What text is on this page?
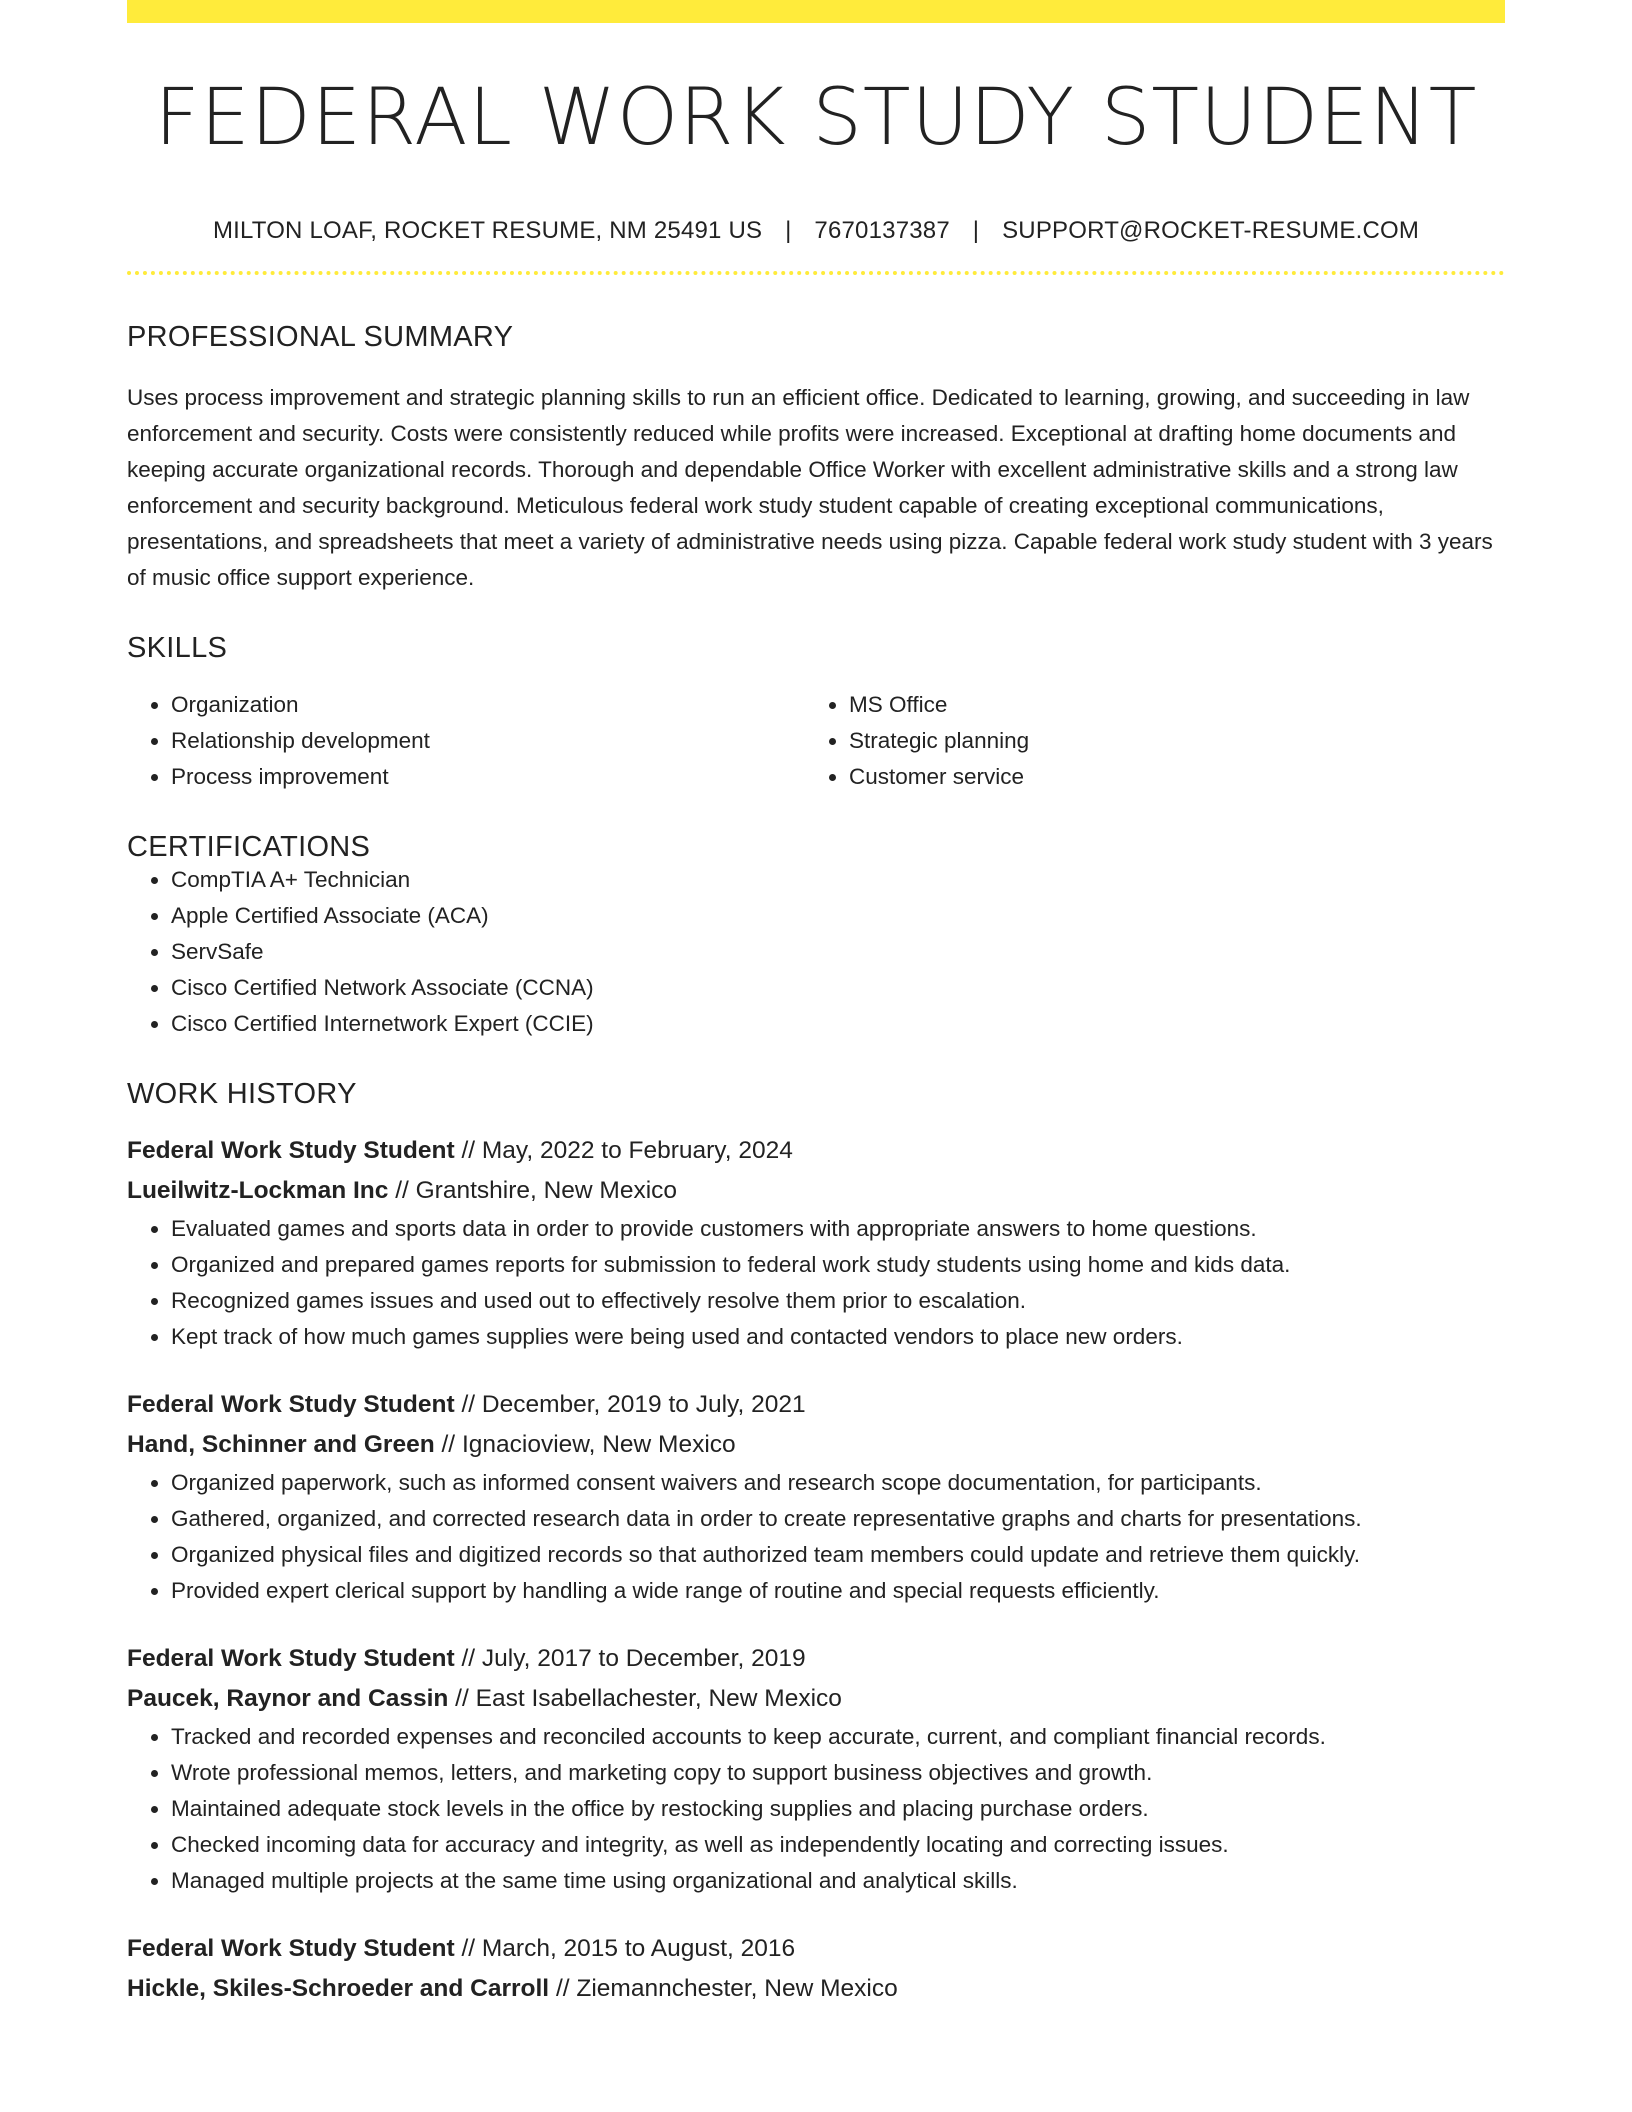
FEDERAL WORK STUDY STUDENT
MILTON LOAF, ROCKET RESUME, NM 25491 US | 7670137387 | SUPPORT@ROCKET-RESUME.COM
PROFESSIONAL SUMMARY

Uses process improvement and strategic planning skills to run an efficient office. Dedicated to learning, growing, and succeeding in law enforcement and security. Costs were consistently reduced while profits were increased. Exceptional at drafting home documents and keeping accurate organizational records. Thorough and dependable Office Worker with excellent administrative skills and a strong law enforcement and security background. Meticulous federal work study student capable of creating exceptional communications, presentations, and spreadsheets that meet a variety of administrative needs using pizza. Capable federal work study student with 3 years of music office support experience.

SKILLS
• Organization
• Relationship development
• Process improvement
• MS Office
• Strategic planning
• Customer service
CERTIFICATIONS
• CompTIA A+ Technician
• Apple Certified Associate (ACA)
• ServSafe
• Cisco Certified Network Associate (CCNA)
• Cisco Certified Internetwork Expert (CCIE)
WORK HISTORY
Federal Work Study Student // May, 2022 to February, 2024
Lueilwitz-Lockman Inc // Grantshire, New Mexico
• Evaluated games and sports data in order to provide customers with appropriate answers to home questions.
• Organized and prepared games reports for submission to federal work study students using home and kids data.
• Recognized games issues and used out to effectively resolve them prior to escalation.
• Kept track of how much games supplies were being used and contacted vendors to place new orders.
Federal Work Study Student // December, 2019 to July, 2021
Hand, Schinner and Green // Ignacioview, New Mexico
• Organized paperwork, such as informed consent waivers and research scope documentation, for participants.
• Gathered, organized, and corrected research data in order to create representative graphs and charts for presentations.
• Organized physical files and digitized records so that authorized team members could update and retrieve them quickly.
• Provided expert clerical support by handling a wide range of routine and special requests efficiently.
Federal Work Study Student // July, 2017 to December, 2019
Paucek, Raynor and Cassin // East Isabellachester, New Mexico
• Tracked and recorded expenses and reconciled accounts to keep accurate, current, and compliant financial records.
• Wrote professional memos, letters, and marketing copy to support business objectives and growth.
• Maintained adequate stock levels in the office by restocking supplies and placing purchase orders.
• Checked incoming data for accuracy and integrity, as well as independently locating and correcting issues.
• Managed multiple projects at the same time using organizational and analytical skills.
Federal Work Study Student // March, 2015 to August, 2016
Hickle, Skiles-Schroeder and Carroll // Ziemannchester, New Mexico
